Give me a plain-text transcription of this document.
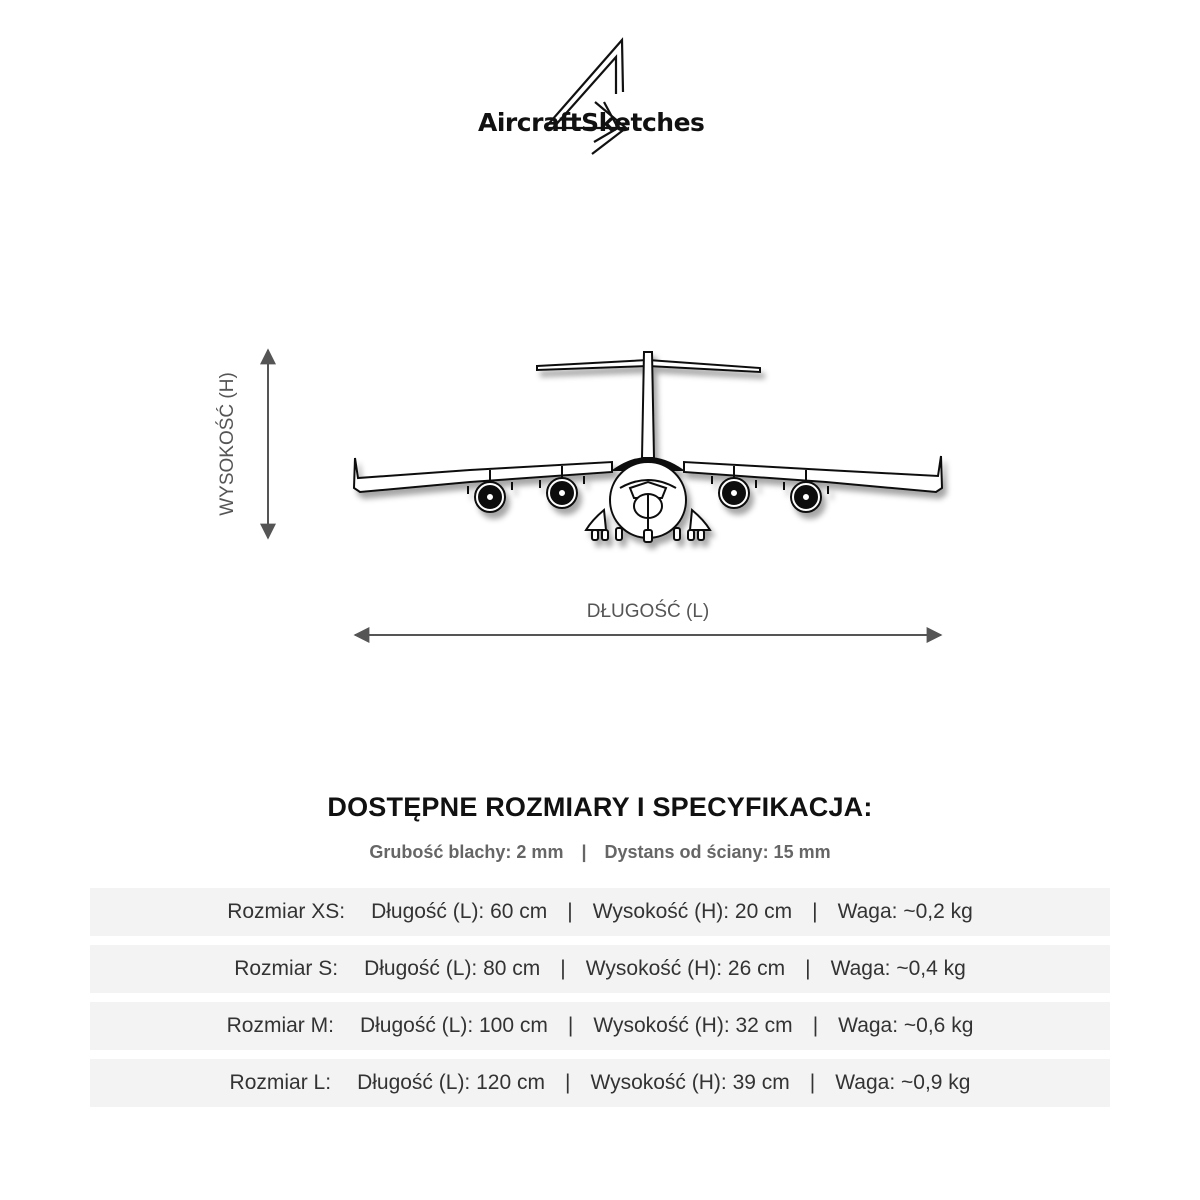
AircraftSketches
WYSOKOŚĆ (H)
DŁUGOŚĆ (L)
DOSTĘPNE ROZMIARY I SPECYFIKACJA:
Grubość blachy: 2 mm | Dystans od ściany: 15 mm
Rozmiar XS: Długość (L): 60 cm | Wysokość (H): 20 cm | Waga: ~0,2 kg
Rozmiar S: Długość (L): 80 cm | Wysokość (H): 26 cm | Waga: ~0,4 kg
Rozmiar M: Długość (L): 100 cm | Wysokość (H): 32 cm | Waga: ~0,6 kg
Rozmiar L: Długość (L): 120 cm | Wysokość (H): 39 cm | Waga: ~0,9 kg
